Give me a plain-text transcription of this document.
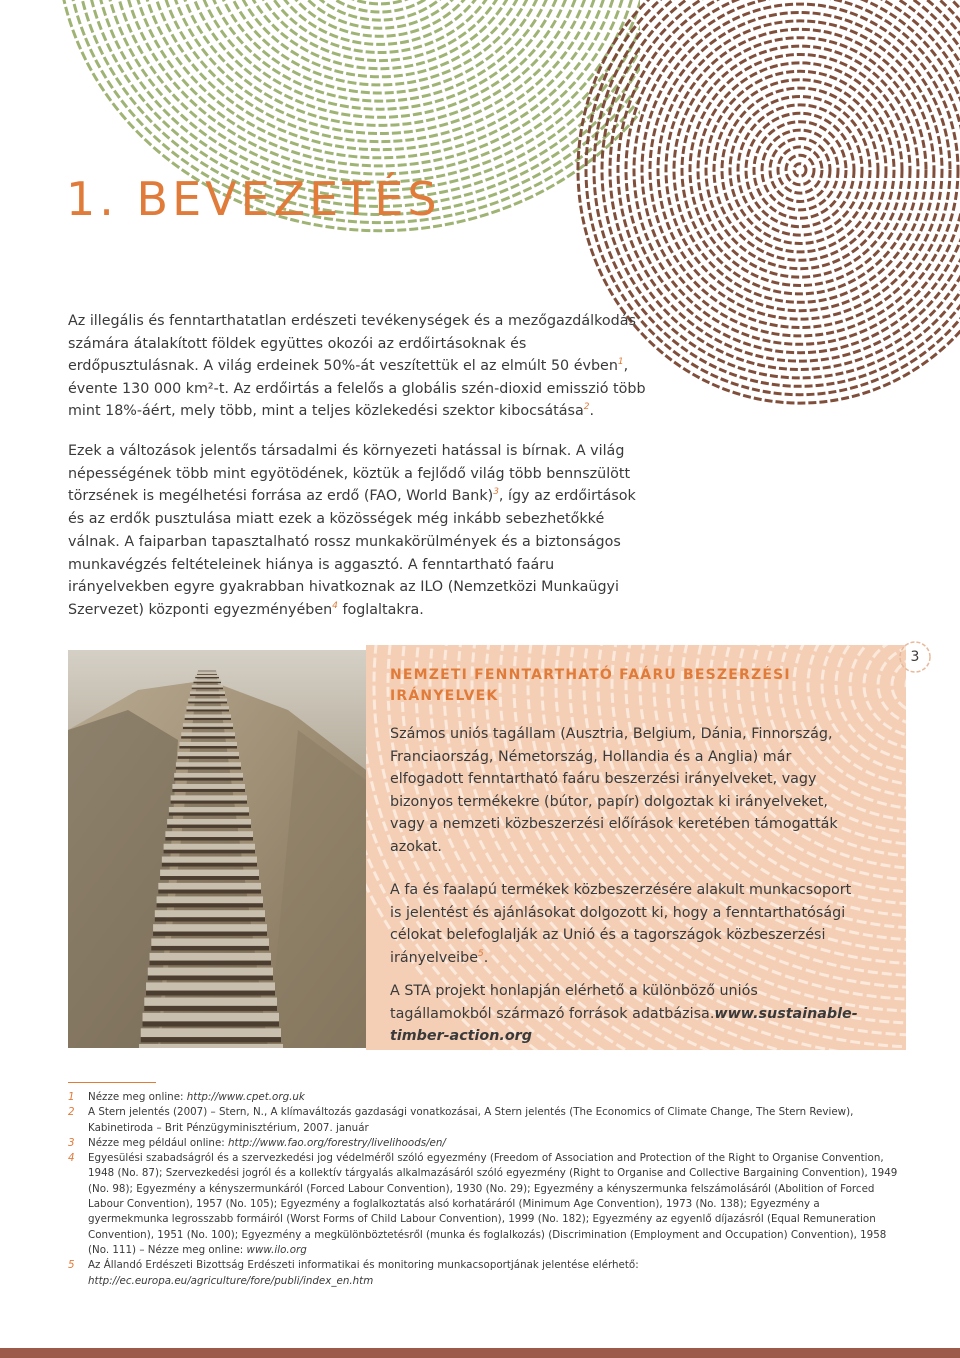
1. BEVEZETÉS

Az illegális és fenntarthatatlan erdészeti tevékenységek és a mezőgazdálkodás számára átalakított földek együttes okozói az erdőirtásoknak és erdőpusztulásnak. A világ erdeinek 50%-át veszítettük el az elmúlt 50 évben$^1$, évente 130 000 km²-t. Az erdőirtás a felelős a globális szén-dioxid emisszió több mint 18%-áért, mely több, mint a teljes közlekedési szektor kibocsátása$^2$.

Ezek a változások jelentős társadalmi és környezeti hatással is bírnak. A világ népességének több mint egyötödének, köztük a fejlődő világ több bennszülött törzsének is megélhetési forrása az erdő (FAO, World Bank)$^3$, így az erdőirtások és az erdők pusztulása miatt ezek a közösségek még inkább sebezhetőkké válnak. A faiparban tapasztalható rossz munkakörülmények és a biztonságos munkavégzés feltételeinek hiánya is aggasztó. A fenntartható faáru irányelvekben egyre gyakrabban hivatkoznak az ILO (Nemzetközi Munkaügyi Szervezet) központi egyezményében$^4$ foglaltakra.

NEMZETI FENNTARTHATÓ FAÁRU BESZERZÉSI IRÁNYELVEK

Számos uniós tagállam (Ausztria, Belgium, Dánia, Finnország, Franciaország, Németország, Hollandia és a Anglia) már elfogadott fenntartható faáru beszerzési irányelveket, vagy bizonyos termékekre (bútor, papír) dolgoztak ki irányelveket, vagy a nemzeti közbeszerzési előírások keretében támogatták azokat.

A fa és faalapú termékek közbeszerzésére alakult munkacsoport is jelentést és ajánlásokat dolgozott ki, hogy a fenntarthatósági célokat belefoglalják az Unió és a tagországok közbeszerzési irányelveibe$^5$.

A STA projekt honlapján elérhető a különböző uniós tagállamokból származó források adatbázisa.www.sustainable-timber-action.org

3
1 Nézze meg online: http://www.cpet.org.uk
2 A Stern jelentés (2007) – Stern, N., A klímaváltozás gazdasági vonatkozásai, A Stern jelentés (The Economics of Climate Change, The Stern Review), Kabinetiroda – Brit Pénzügyminisztérium, 2007. január
3 Nézze meg például online: http://www.fao.org/forestry/livelihoods/en/
4 Egyesülési szabadságról és a szervezkedési jog védelméről szóló egyezmény (Freedom of Association and Protection of the Right to Organise Convention, 1948 (No. 87); Szervezkedési jogról és a kollektív tárgyalás alkalmazásáról szóló egyezmény (Right to Organise and Collective Bargaining Convention), 1949 (No. 98); Egyezmény a kényszermunkáról (Forced Labour Convention), 1930 (No. 29); Egyezmény a kényszermunka felszámolásáról (Abolition of Forced Labour Convention), 1957 (No. 105); Egyezmény a foglalkoztatás alsó korhatáráról (Minimum Age Convention), 1973 (No. 138); Egyezmény a gyermekmunka legrosszabb formáiról (Worst Forms of Child Labour Convention), 1999 (No. 182); Egyezmény az egyenlő díjazásról (Equal Remuneration Convention), 1951 (No. 100); Egyezmény a megkülönböztetésről (munka és foglalkozás) (Discrimination (Employment and Occupation) Convention), 1958 (No. 111) – Nézze meg online: www.ilo.org
5 Az Állandó Erdészeti Bizottság Erdészeti informatikai és monitoring munkacsoportjának jelentése elérhető: http://ec.europa.eu/agriculture/fore/publi/index_en.htm
